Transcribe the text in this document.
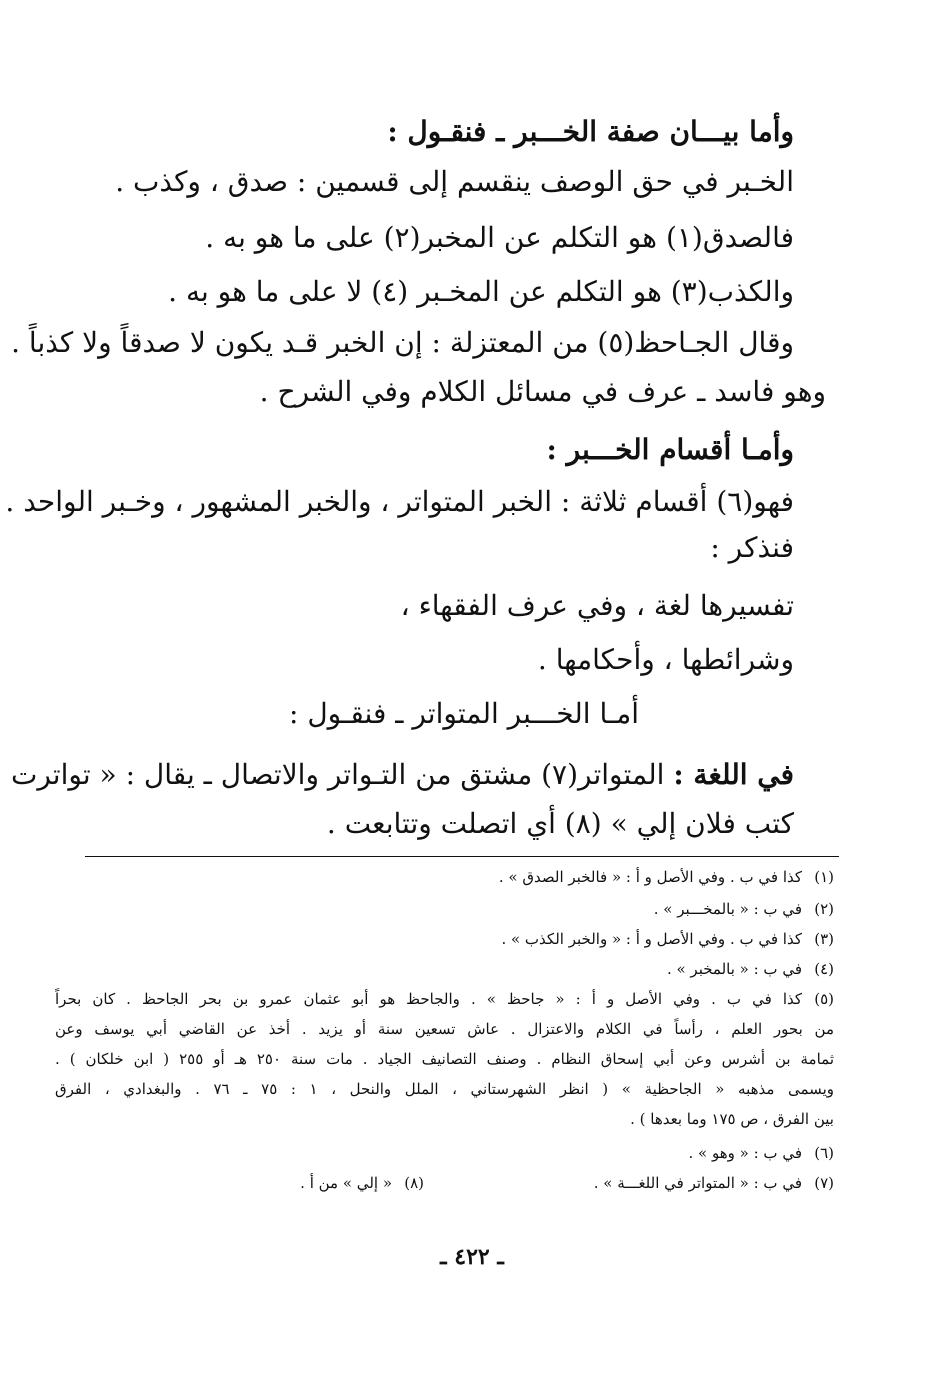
وأما بيـــان صفة الخـــبر ـ فنقـول :
الخـبر في حق الوصف ينقسم إلى قسمين : صدق ، وكذب .
فالصدق(١) هو التكلم عن المخبر(٢) على ما هو به .
والكذب(٣) هو التكلم عن المخـبر (٤) لا على ما هو به .
وقال الجـاحظ(٥) من المعتزلة : إن الخبر قـد يكون لا صدقاً ولا كذباً .
وهو فاسد ـ عرف في مسائل الكلام وفي الشرح .
وأمـا أقسام الخـــبر :
فهو(٦) أقسام ثلاثة : الخبر المتواتر ، والخبر المشهور ، وخـبر الواحد .
فنذكر :
تفسيرها لغة ، وفي عرف الفقهاء ،
وشرائطها ، وأحكامها .
أمـا الخـــبر المتواتر ـ فنقـول :
في اللغة : المتواتر(٧) مشتق من التـواتر والاتصال ـ يقال : « تواترت
كتب فلان إلي » (٨) أي اتصلت وتتابعت .
(١)كذا في ب . وفي الأصل و أ : « فالخبر الصدق » .
(٢)في ب : « بالمخـــبر » .
(٣)كذا في ب . وفي الأصل و أ : « والخبر الكذب » .
(٤)في ب : « بالمخبر » .
(٥)كذا في ب . وفي الأصل و أ : « جاحظ » . والجاحظ هو أبو عثمان عمرو بن بحر الجاحظ . كان بحراً
من بحور العلم ، رأساً في الكلام والاعتزال . عاش تسعين سنة أو يزيد . أخذ عن القاضي أبي يوسف وعن
ثمامة بن أشرس وعن أبي إسحاق النظام . وصنف التصانيف الجياد . مات سنة ٢٥٠ هـ أو ٢٥٥ ( ابن خلكان ) .
ويسمى مذهبه « الجاحظية » ( انظر الشهرستاني ، الملل والنحل ، ١ : ٧٥ ـ ٧٦ . والبغدادي ، الفرق
بين الفرق ، ص ١٧٥ وما بعدها ) .
(٦)في ب : « وهو » .
(٧)في ب : « المتواتر في اللغـــة » .
(٨)« إلي » من أ .
ـ ٤٢٢ ـ
